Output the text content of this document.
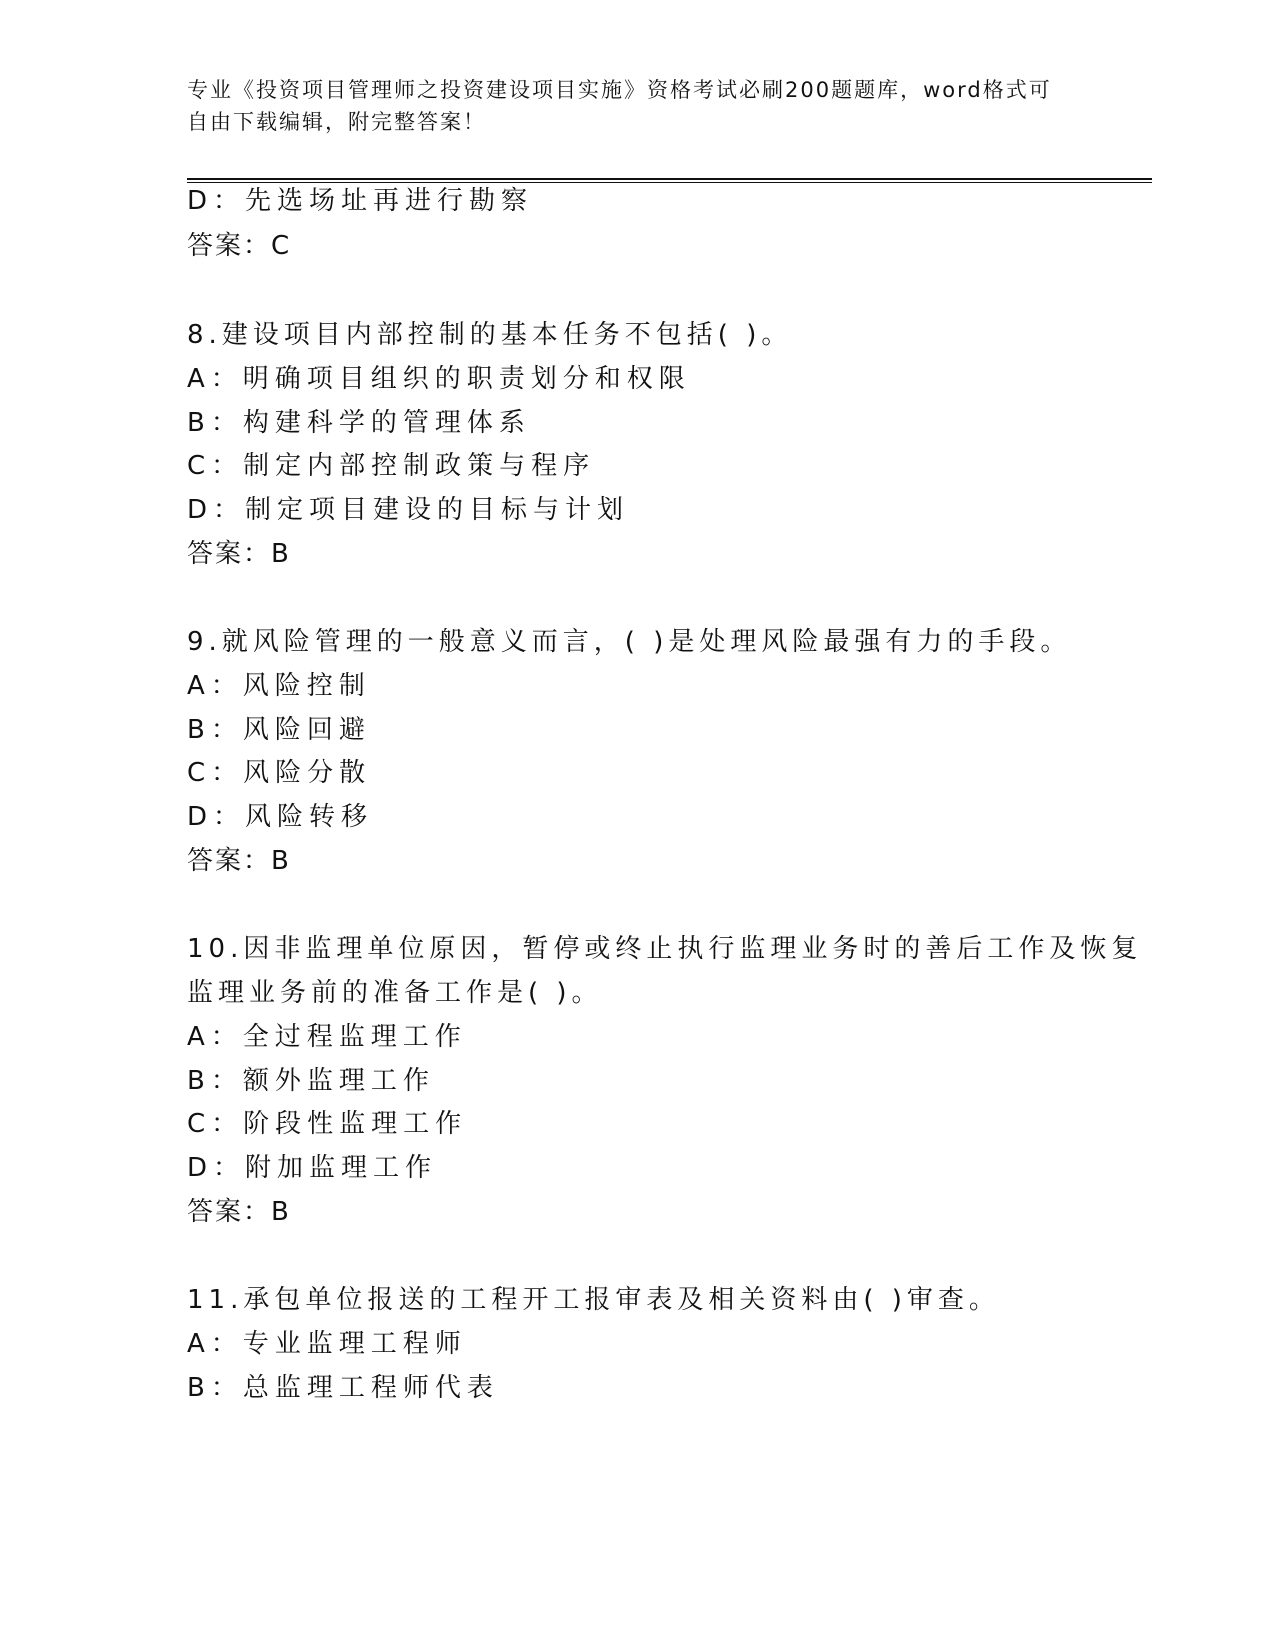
专业《投资项目管理师之投资建设项目实施》资格考试必刷200题题库，word格式可自由下载编辑，附完整答案！
D：先选场址再进行勘察
答案：C
8.建设项目内部控制的基本任务不包括( )。
A：明确项目组织的职责划分和权限
B：构建科学的管理体系
C：制定内部控制政策与程序
D：制定项目建设的目标与计划
答案：B
9.就风险管理的一般意义而言，( )是处理风险最强有力的手段。
A：风险控制
B：风险回避
C：风险分散
D：风险转移
答案：B
10.因非监理单位原因，暂停或终止执行监理业务时的善后工作及恢复
监理业务前的准备工作是( )。
A：全过程监理工作
B：额外监理工作
C：阶段性监理工作
D：附加监理工作
答案：B
11.承包单位报送的工程开工报审表及相关资料由( )审查。
A：专业监理工程师
B：总监理工程师代表
